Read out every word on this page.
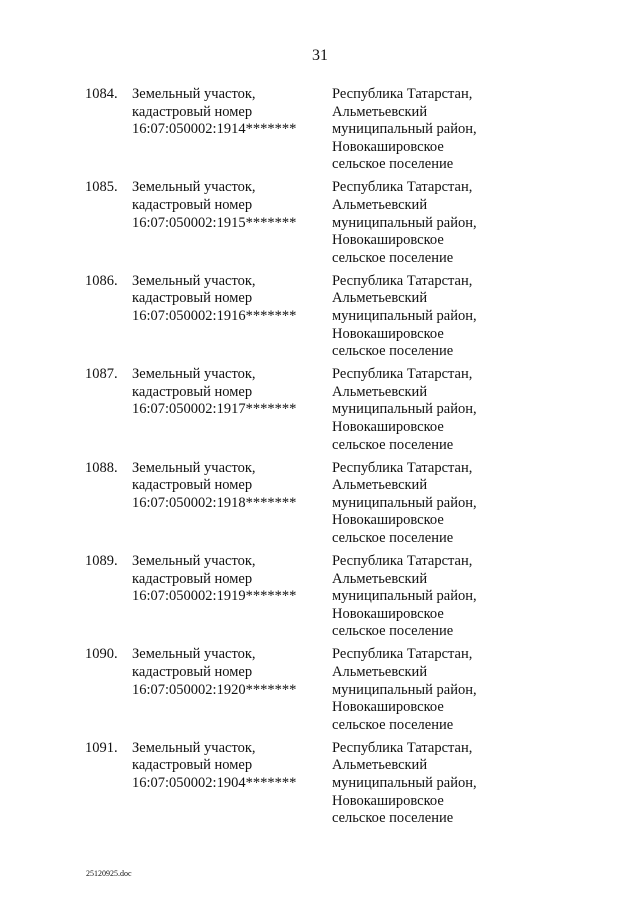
31
1084. Земельный участок,
кадастровый номер
16:07:050002:1914*******
Республика Татарстан,
Альметьевский
муниципальный район,
Новокашировское
сельское поселение
1085. Земельный участок,
кадастровый номер
16:07:050002:1915*******
Республика Татарстан,
Альметьевский
муниципальный район,
Новокашировское
сельское поселение
1086. Земельный участок,
кадастровый номер
16:07:050002:1916*******
Республика Татарстан,
Альметьевский
муниципальный район,
Новокашировское
сельское поселение
1087. Земельный участок,
кадастровый номер
16:07:050002:1917*******
Республика Татарстан,
Альметьевский
муниципальный район,
Новокашировское
сельское поселение
1088. Земельный участок,
кадастровый номер
16:07:050002:1918*******
Республика Татарстан,
Альметьевский
муниципальный район,
Новокашировское
сельское поселение
1089. Земельный участок,
кадастровый номер
16:07:050002:1919*******
Республика Татарстан,
Альметьевский
муниципальный район,
Новокашировское
сельское поселение
1090. Земельный участок,
кадастровый номер
16:07:050002:1920*******
Республика Татарстан,
Альметьевский
муниципальный район,
Новокашировское
сельское поселение
1091. Земельный участок,
кадастровый номер
16:07:050002:1904*******
Республика Татарстан,
Альметьевский
муниципальный район,
Новокашировское
сельское поселение
25120925.doc
